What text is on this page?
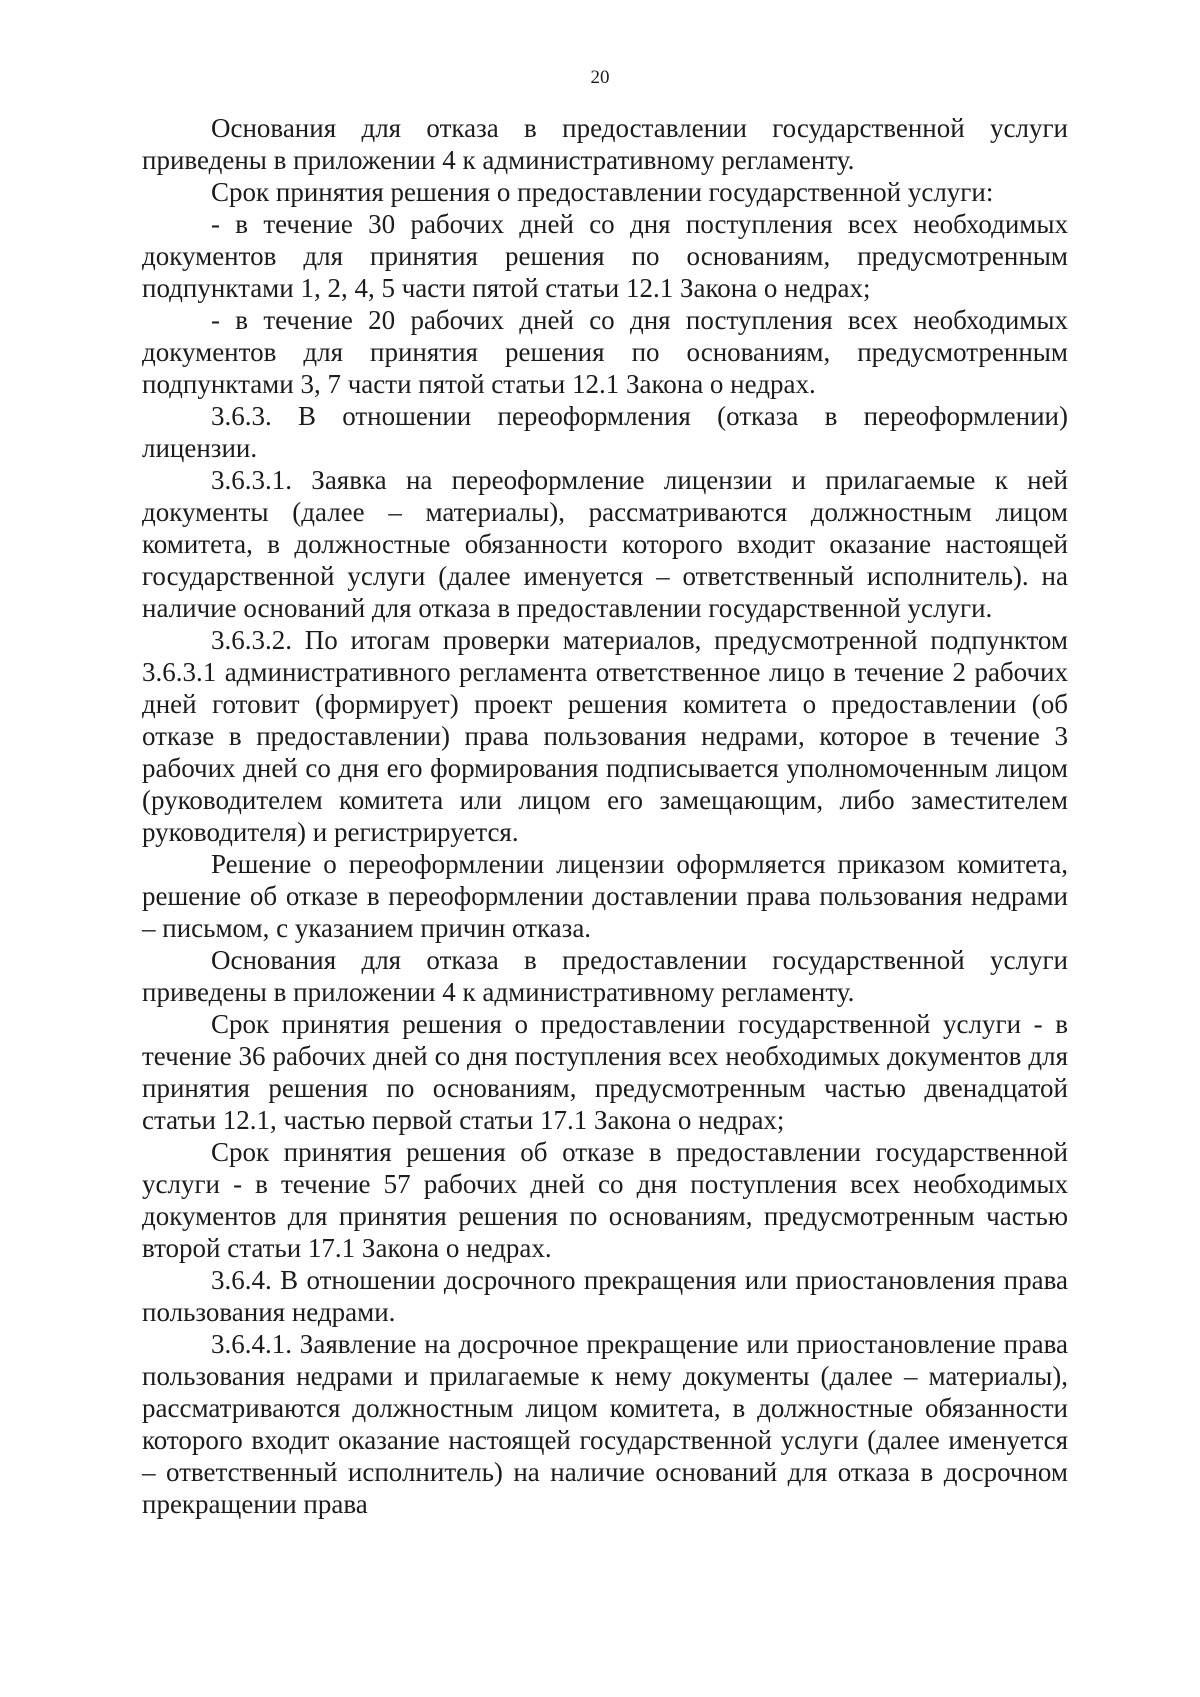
20

Основания для отказа в предоставлении государственной услуги приведены в приложении 4 к административному регламенту.

Срок принятия решения о предоставлении государственной услуги:

- в течение 30 рабочих дней со дня поступления всех необходимых документов для принятия решения по основаниям, предусмотренным подпунктами 1, 2, 4, 5 части пятой статьи 12.1 Закона о недрах;

- в течение 20 рабочих дней со дня поступления всех необходимых документов для принятия решения по основаниям, предусмотренным подпунктами 3, 7 части пятой статьи 12.1 Закона о недрах.

3.6.3. В отношении переоформления (отказа в переоформлении) лицензии.

3.6.3.1. Заявка на переоформление лицензии и прилагаемые к ней документы (далее – материалы), рассматриваются должностным лицом комитета, в должностные обязанности которого входит оказание настоящей государственной услуги (далее именуется – ответственный исполнитель). на наличие оснований для отказа в предоставлении государственной услуги.

3.6.3.2. По итогам проверки материалов, предусмотренной подпунктом 3.6.3.1 административного регламента ответственное лицо в течение 2 рабочих дней готовит (формирует) проект решения комитета о предоставлении (об отказе в предоставлении) права пользования недрами, которое в течение 3 рабочих дней со дня его формирования подписывается уполномоченным лицом (руководителем комитета или лицом его замещающим, либо заместителем руководителя) и регистрируется.

Решение о переоформлении лицензии оформляется приказом комитета, решение об отказе в переоформлении доставлении права пользования недрами – письмом, с указанием причин отказа.

Основания для отказа в предоставлении государственной услуги приведены в приложении 4 к административному регламенту.

Срок принятия решения о предоставлении государственной услуги - в течение 36 рабочих дней со дня поступления всех необходимых документов для принятия решения по основаниям, предусмотренным частью двенадцатой статьи 12.1, частью первой статьи 17.1 Закона о недрах;

Срок принятия решения об отказе в предоставлении государственной услуги - в течение 57 рабочих дней со дня поступления всех необходимых документов для принятия решения по основаниям, предусмотренным частью второй статьи 17.1 Закона о недрах.

3.6.4. В отношении досрочного прекращения или приостановления права пользования недрами.

3.6.4.1. Заявление на досрочное прекращение или приостановление права пользования недрами и прилагаемые к нему документы (далее – материалы), рассматриваются должностным лицом комитета, в должностные обязанности которого входит оказание настоящей государственной услуги (далее именуется – ответственный исполнитель) на наличие оснований для отказа в досрочном прекращении права
